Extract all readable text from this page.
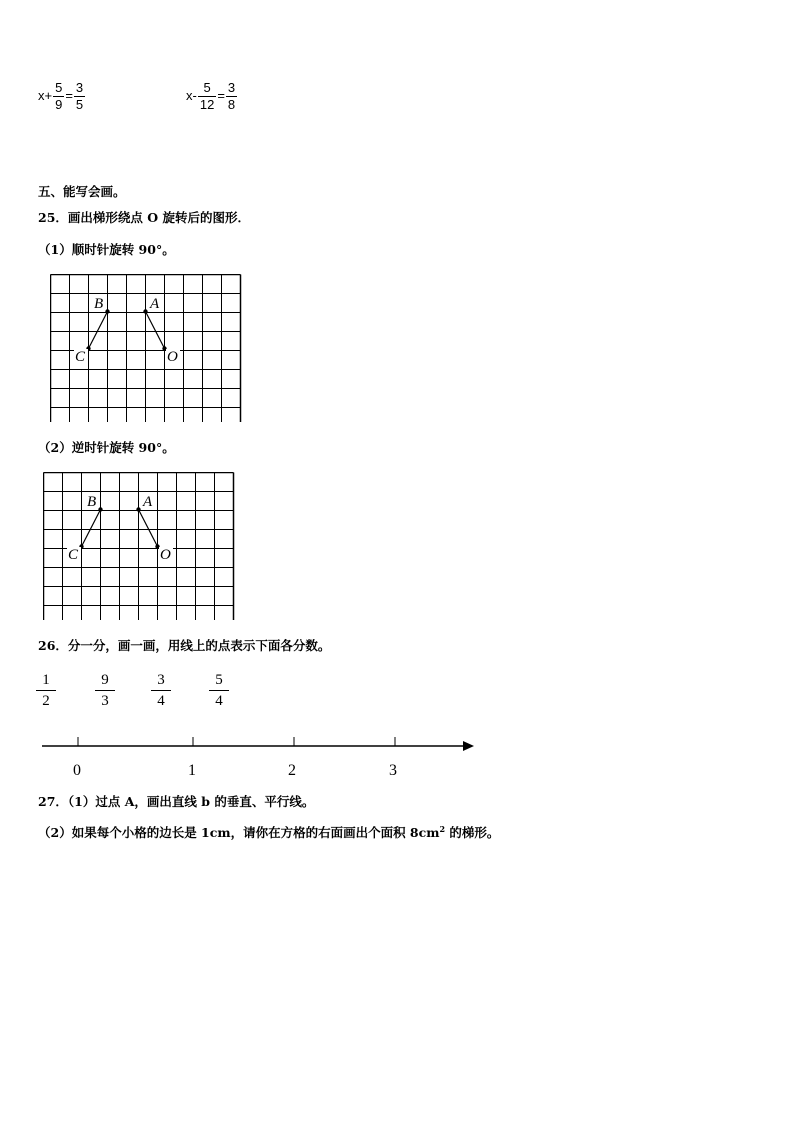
$x+ \frac{5}{9} = \frac{3}{5}$	$x- \frac{5}{12} = \frac{3}{8}$
五、能写会画。
25．画出梯形绕点 O 旋转后的图形．
（1）顺时针旋转 90°。
B	A
C	O
（2）逆时针旋转 90°。
B	A
C	O
26．分一分，画一画，用线上的点表示下面各分数。
$\frac{1}{2}$	$\frac{9}{3} \frac{3}{4}$	$\frac{5}{4}$
0	1	2	3
27．（1）过点 A，画出直线 b 的垂直、平行线。
（2）如果每个小格的边长是 1cm，请你在方格的右面画出个面积 $8cm^2$ 的梯形。
